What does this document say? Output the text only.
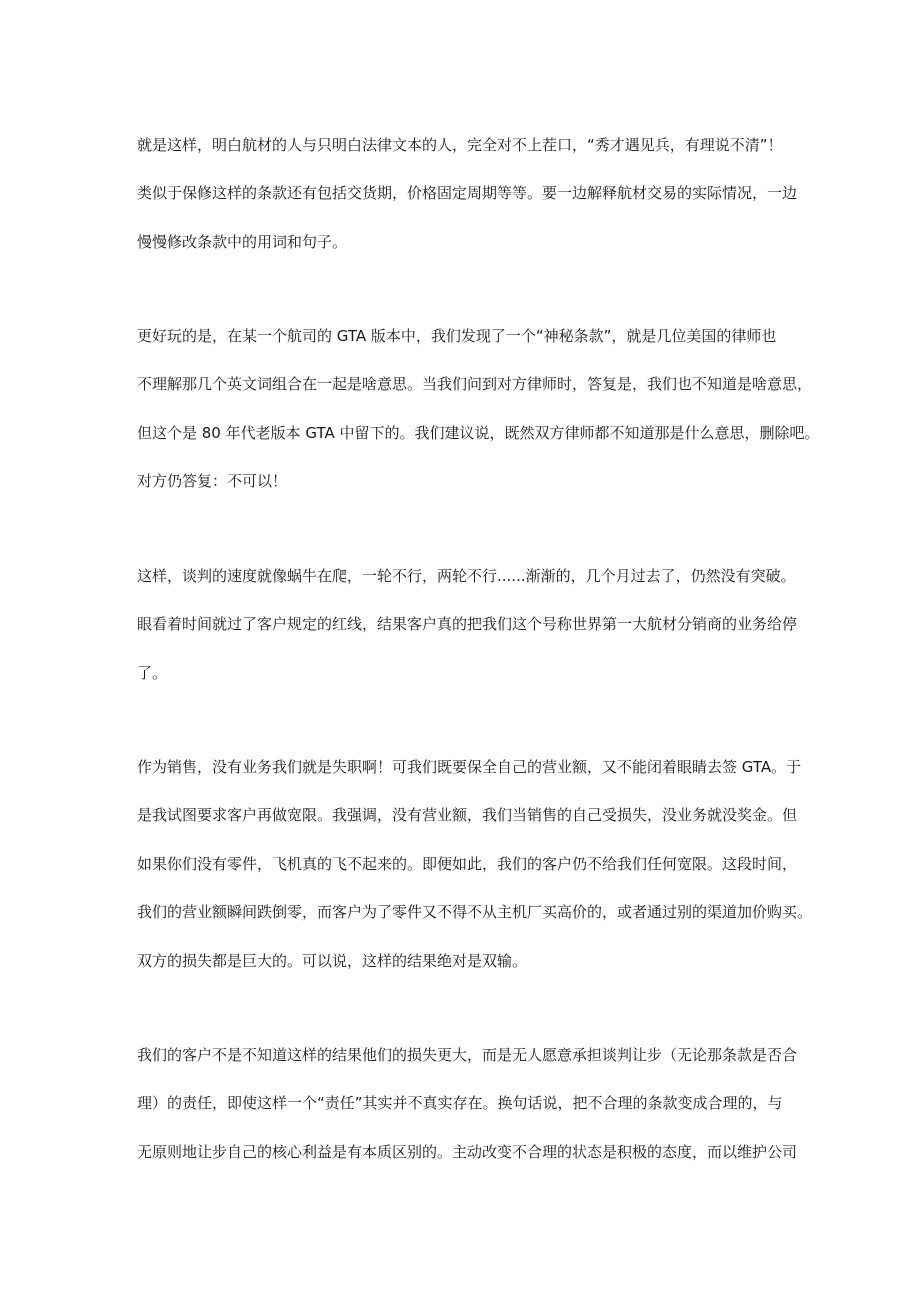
就是这样，明白航材的人与只明白法律文本的人，完全对不上茬口，“秀才遇见兵，有理说不清”！
类似于保修这样的条款还有包括交货期，价格固定周期等等。要一边解释航材交易的实际情况，一边
慢慢修改条款中的用词和句子。
更好玩的是，在某一个航司的 GTA 版本中，我们发现了一个“神秘条款”，就是几位美国的律师也
不理解那几个英文词组合在一起是啥意思。当我们问到对方律师时，答复是，我们也不知道是啥意思，
但这个是 80 年代老版本 GTA 中留下的。我们建议说，既然双方律师都不知道那是什么意思，删除吧。
对方仍答复：不可以！
这样，谈判的速度就像蜗牛在爬，一轮不行，两轮不行......渐渐的，几个月过去了，仍然没有突破。
眼看着时间就过了客户规定的红线，结果客户真的把我们这个号称世界第一大航材分销商的业务给停
了。
作为销售，没有业务我们就是失职啊！可我们既要保全自己的营业额，又不能闭着眼睛去签 GTA。于
是我试图要求客户再做宽限。我强调，没有营业额，我们当销售的自己受损失，没业务就没奖金。但
如果你们没有零件，飞机真的飞不起来的。即便如此，我们的客户仍不给我们任何宽限。这段时间，
我们的营业额瞬间跌倒零，而客户为了零件又不得不从主机厂买高价的，或者通过别的渠道加价购买。
双方的损失都是巨大的。可以说，这样的结果绝对是双输。
我们的客户不是不知道这样的结果他们的损失更大，而是无人愿意承担谈判让步（无论那条款是否合
理）的责任，即使这样一个“责任”其实并不真实存在。换句话说，把不合理的条款变成合理的，与
无原则地让步自己的核心利益是有本质区别的。主动改变不合理的状态是积极的态度，而以维护公司
